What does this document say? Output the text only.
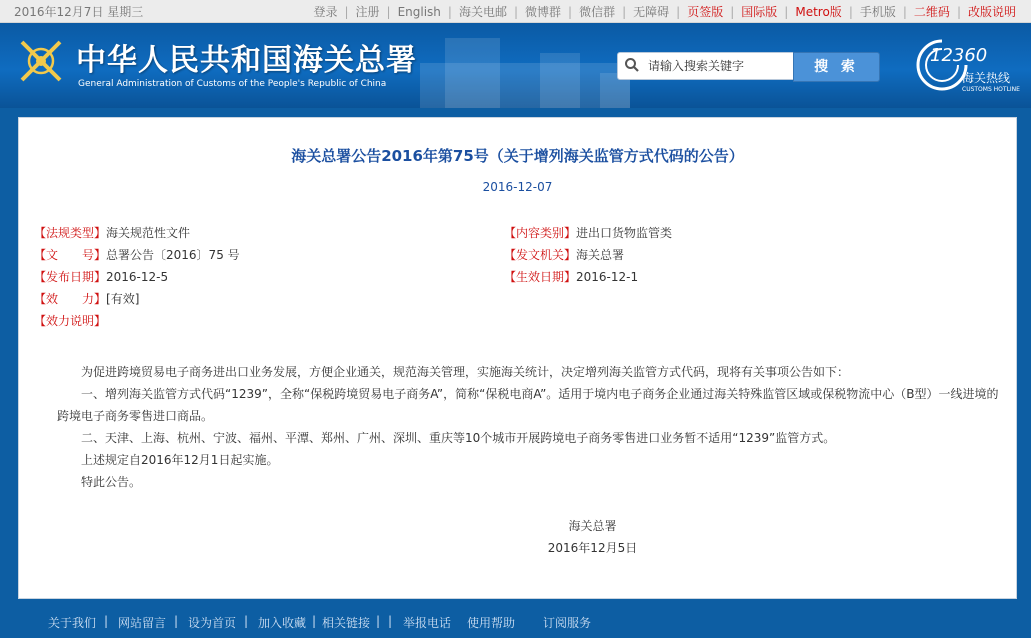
2016年12月7日 星期三	登录 | 注册 | English | 海关电邮 | 微博群 | 微信群 | 无障碍 | 页签版 | 国际版 | Metro版 | 手机版 | 二维码 | 改版说明
中华人民共和国海关总署
General Administration of Customs of the People's Republic of China
请输入搜索关键字
搜 索
12360
海关热线
CUSTOMS HOTLINE
海关总署公告2016年第75号（关于增列海关监管方式代码的公告）
2016-12-07
【法规类型】海关规范性文件
【文　　号】总署公告〔2016〕75 号
【发布日期】2016-12-5
【效　　力】[有效]
【效力说明】
【内容类别】进出口货物监管类
【发文机关】海关总署
【生效日期】2016-12-1

为促进跨境贸易电子商务进出口业务发展，方便企业通关，规范海关管理，实施海关统计，决定增列海关监管方式代码，现将有关事项公告如下：

一、增列海关监管方式代码“1239”，全称“保税跨境贸易电子商务A”，简称“保税电商A”。适用于境内电子商务企业通过海关特殊监管区域或保税物流中心（B型）一线进境的跨境电子商务零售进口商品。

二、天津、上海、杭州、宁波、福州、平潭、郑州、广州、深圳、重庆等10个城市开展跨境电子商务零售进口业务暂不适用“1239”监管方式。

上述规定自2016年12月1日起实施。

特此公告。

海关总署
2016年12月5日
关于我们 | 网站留言 | 设为首页 | 加入收藏 | 相关链接 | | 举报电话 使用帮助 订阅服务
